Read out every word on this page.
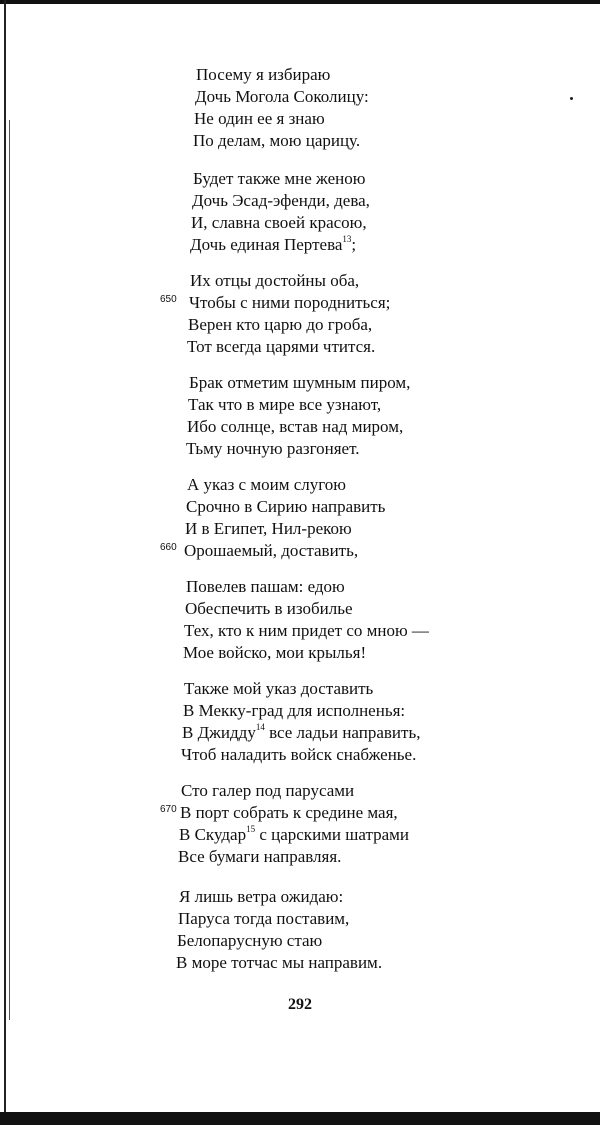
Посему я избираю
Дочь Могола Соколицу:
Не один ее я знаю
По делам, мою царицу.
Будет также мне женою
Дочь Эсад-эфенди, дева,
И, славна своей красою,
Дочь единая Пертева$^{13}$;
Их отцы достойны оба,
Чтобы с ними породниться;
650
Верен кто царю до гроба,
Тот всегда царями чтится.
Брак отметим шумным пиром,
Так что в мире все узнают,
Ибо солнце, встав над миром,
Тьму ночную разгоняет.
А указ с моим слугою
Срочно в Сирию направить
И в Египет, Нил-рекою
Орошаемый, доставить,
660
Повелев пашам: едою
Обеспечить в изобилье
Тех, кто к ним придет со мною —
Мое войско, мои крылья!
Также мой указ доставить
В Мекку-град для исполненья:
В Джидду$^{14}$ все ладьи направить,
Чтоб наладить войск снабженье.
Сто галер под парусами
В порт собрать к средине мая,
670
В Скудар$^{15}$ с царскими шатрами
Все бумаги направляя.
Я лишь ветра ожидаю:
Паруса тогда поставим,
Белопарусную стаю
В море тотчас мы направим.
292
